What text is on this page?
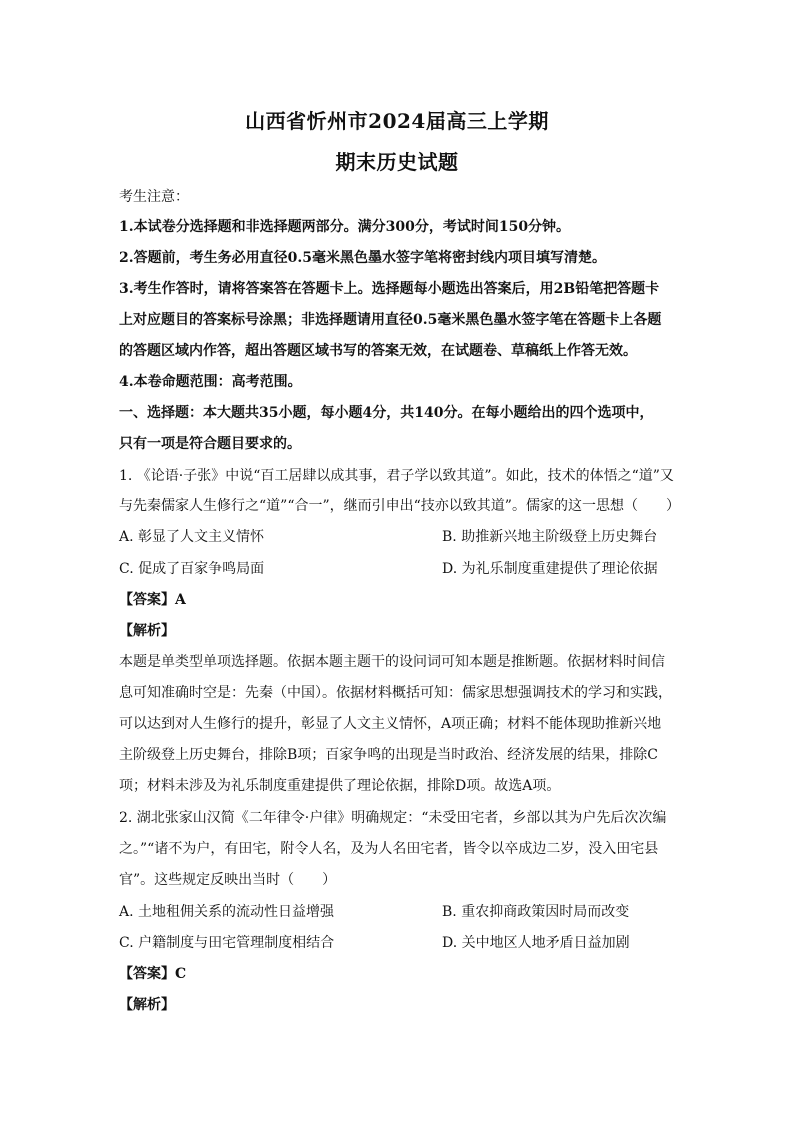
山西省忻州市2024届高三上学期
期末历史试题
考生注意：
1.本试卷分选择题和非选择题两部分。满分300分，考试时间150分钟。
2.答题前，考生务必用直径0.5毫米黑色墨水签字笔将密封线内项目填写清楚。
3.考生作答时，请将答案答在答题卡上。选择题每小题选出答案后，用2B铅笔把答题卡
上对应题目的答案标号涂黑；非选择题请用直径0.5毫米黑色墨水签字笔在答题卡上各题
的答题区域内作答，超出答题区域书写的答案无效，在试题卷、草稿纸上作答无效。
4.本卷命题范围：高考范围。
一、选择题：本大题共35小题，每小题4分，共140分。在每小题给出的四个选项中，
只有一项是符合题目要求的。
1. 《论语·子张》中说“百工居肆以成其事，君子学以致其道”。如此，技术的体悟之“道”又
与先秦儒家人生修行之“道”“合一”，继而引申出“技亦以致其道”。儒家的这一思想（　　）
A. 彰显了人文主义情怀	B. 助推新兴地主阶级登上历史舞台
C. 促成了百家争鸣局面	D. 为礼乐制度重建提供了理论依据
【答案】A
【解析】
本题是单类型单项选择题。依据本题主题干的设问词可知本题是推断题。依据材料时间信
息可知准确时空是：先秦（中国）。依据材料概括可知：儒家思想强调技术的学习和实践，
可以达到对人生修行的提升，彰显了人文主义情怀，A项正确；材料不能体现助推新兴地
主阶级登上历史舞台，排除B项；百家争鸣的出现是当时政治、经济发展的结果，排除C
项；材料未涉及为礼乐制度重建提供了理论依据，排除D项。故选A项。
2. 湖北张家山汉简《二年律令·户律》明确规定：“未受田宅者，乡部以其为户先后次次编
之。”“诸不为户，有田宅，附令人名，及为人名田宅者，皆令以卒成边二岁，没入田宅县
官”。这些规定反映出当时（　　）
A. 土地租佣关系的流动性日益增强	B. 重农抑商政策因时局而改变
C. 户籍制度与田宅管理制度相结合	D. 关中地区人地矛盾日益加剧
【答案】C
【解析】
